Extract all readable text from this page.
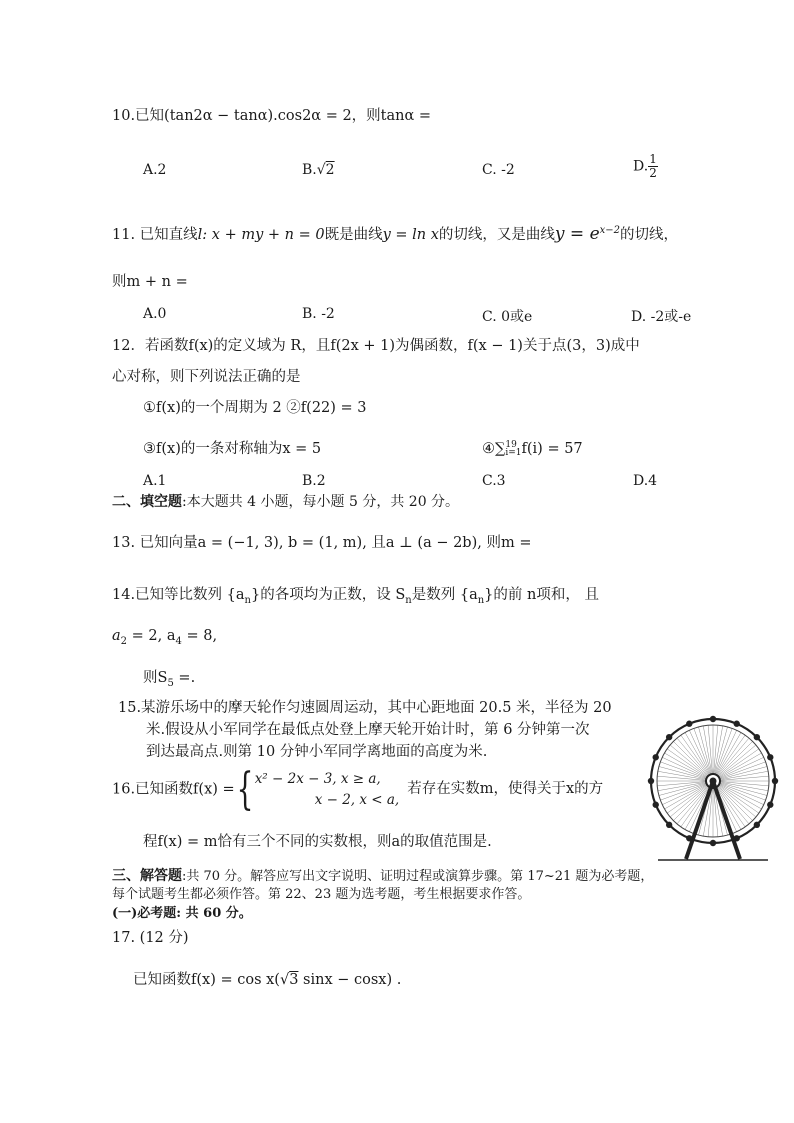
10.已知(tan2α − tanα).cos2α = 2，则tanα =
A.2	B.√2	C. -2	D. $\frac{1}{2}$
11. 已知直线l: x + my + n = 0既是曲线y = ln x的切线，又是曲线$y = e^{x-2}$的切线，
则m + n =
A.0	B. -2	C. 0或e	D. -2或-e
12．若函数f(x)的定义域为 R，且f(2x + 1)为偶函数，f(x − 1)关于点(3，3)成中
心对称，则下列说法正确的是
①f(x)的一个周期为 2 ②f(22) = 3
③f(x)的一条对称轴为x = 5	④∑ 19
i=1 f(i) = 57
A.1	B.2	C.3	D.4
二、填空题:本大题共 4 小题，每小题 5 分，共 20 分。
13. 已知向量a = (−1, 3), b = (1, m), 且a ⊥ (a − 2b), 则m =
14.已知等比数列 $\{a_n\}$的各项均为正数，设 $S_n$是数列 $\{a_n\}$的前 n项和， 且
$a_2 = 2$, $a_4 = 8$,
则$S_5$ =.
15.某游乐场中的摩天轮作匀速圆周运动，其中心距地面 20.5 米，半径为 20
米.假设从小军同学在最低点处登上摩天轮开始计时，第 6 分钟第一次
到达最高点.则第 10 分钟小军同学离地面的高度为米.
16.已知函数f(x) ={ x² − 2x − 3, x ≥ a,
x − 2, x < a,
若存在实数m，使得关于x的方
程f(x) = m恰有三个不同的实数根，则a的取值范围是.
三、解答题:共 70 分。解答应写出文字说明、证明过程或演算步骤。第 17~21 题为必考题，
每个试题考生都必须作答。第 22、23 题为选考题，考生根据要求作答。
(一)必考题: 共 60 分。
17. (12 分)
已知函数f(x) = cos x(√3 sinx − cosx) .
